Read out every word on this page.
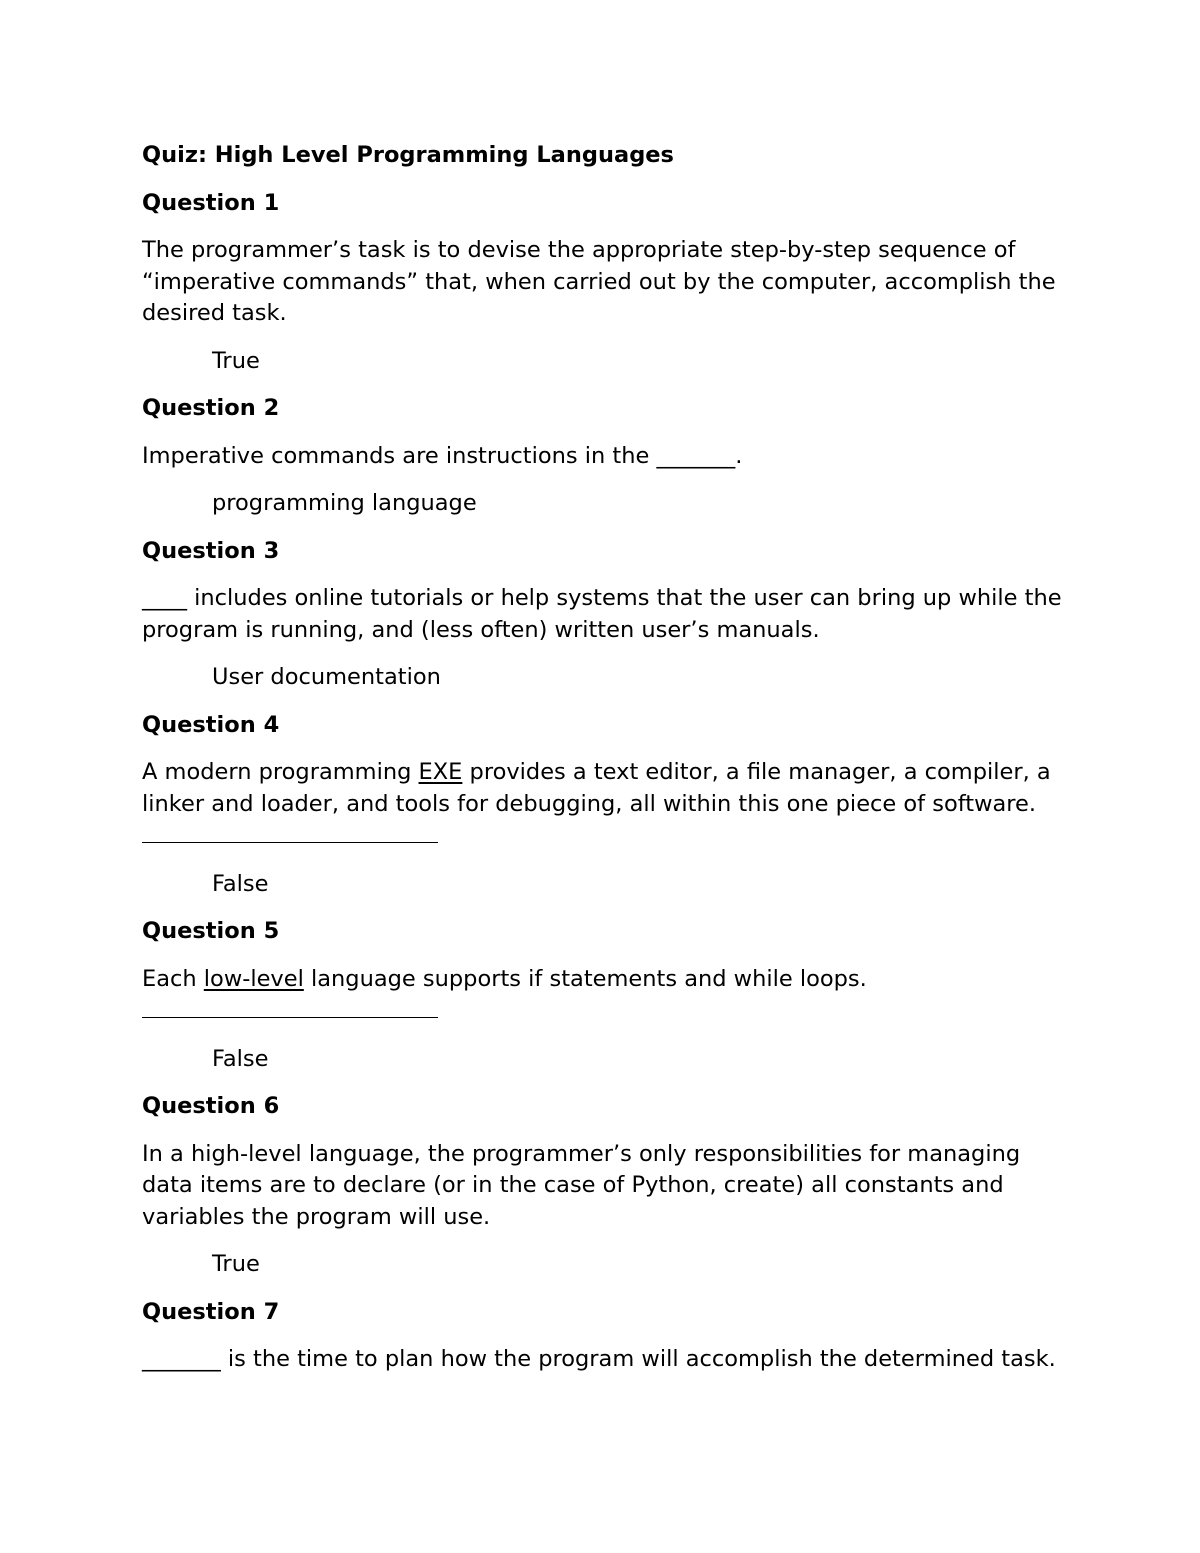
Quiz: High Level Programming Languages
Question 1
The programmer’s task is to devise the appropriate step-by-step sequence of “imperative commands” that, when carried out by the computer, accomplish the desired task.
True
Question 2
Imperative commands are instructions in the _______.
programming language
Question 3
____ includes online tutorials or help systems that the user can bring up while the program is running, and (less often) written user’s manuals.
User documentation
Question 4
A modern programming EXE provides a text editor, a file manager, a compiler, a linker and loader, and tools for debugging, all within this one piece of software.
False
Question 5
Each low-level language supports if statements and while loops.

False
Question 6
In a high-level language, the programmer’s only responsibilities for managing data items are to declare (or in the case of Python, create) all constants and variables the program will use.
True
Question 7
_______ is the time to plan how the program will accomplish the determined task.
